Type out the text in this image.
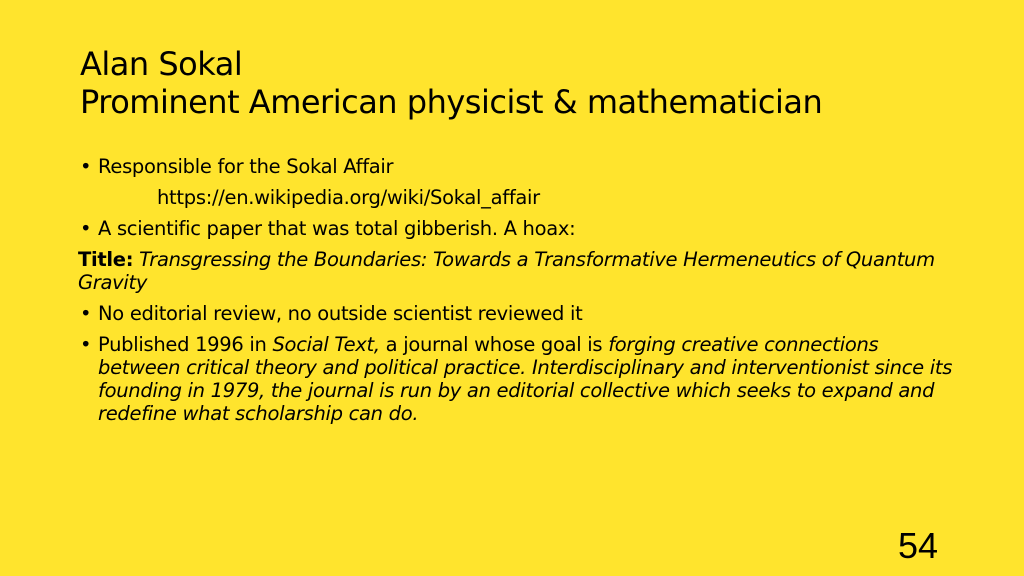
Alan Sokal
Prominent American physicist & mathematician
• Responsible for the Sokal Affair
https://en.wikipedia.org/wiki/Sokal_affair
• A scientific paper that was total gibberish. A hoax:
Title: Transgressing the Boundaries: Towards a Transformative Hermeneutics of Quantum Gravity
• No editorial review, no outside scientist reviewed it
• Published 1996 in Social Text, a journal whose goal is forging creative connections between critical theory and political practice. Interdisciplinary and interventionist since its founding in 1979, the journal is run by an editorial collective which seeks to expand and redefine what scholarship can do.
54
